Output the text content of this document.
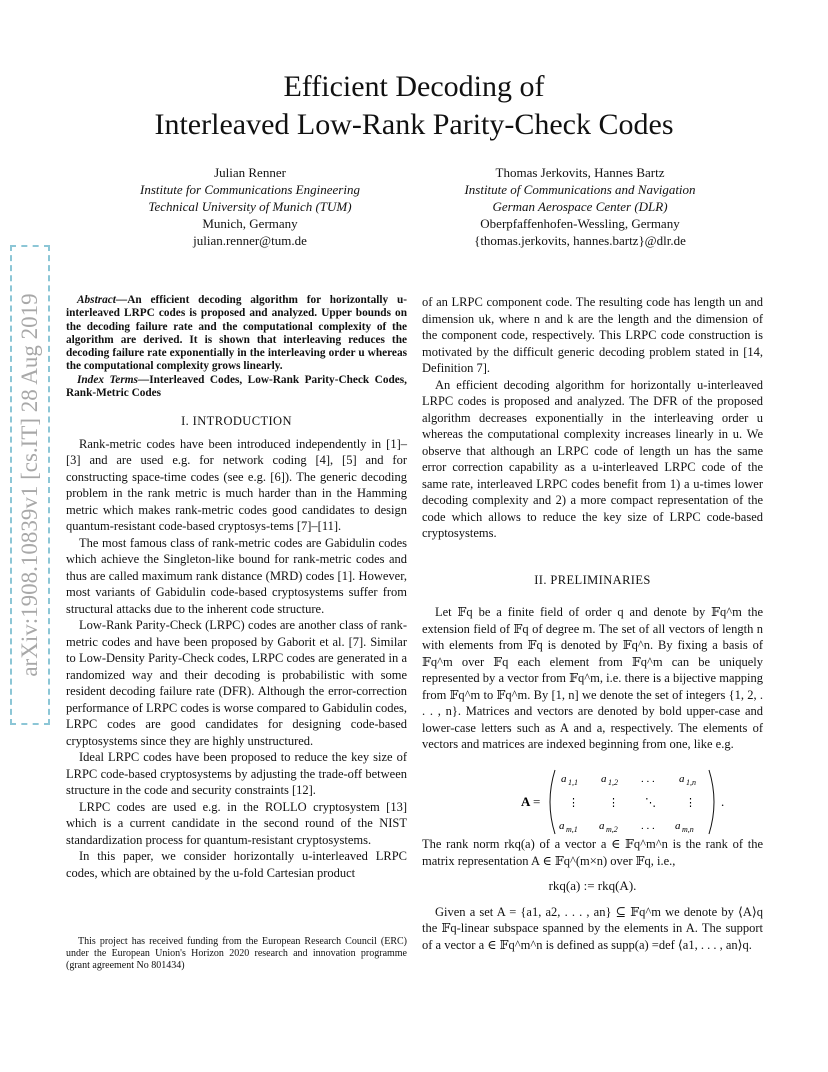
arXiv:1908.10839v1 [cs.IT] 28 Aug 2019
Efficient Decoding of
Interleaved Low-Rank Parity-Check Codes
Julian Renner
Institute for Communications Engineering
Technical University of Munich (TUM)
Munich, Germany
julian.renner@tum.de
Thomas Jerkovits, Hannes Bartz
Institute of Communications and Navigation
German Aerospace Center (DLR)
Oberpfaffenhofen-Wessling, Germany
{thomas.jerkovits, hannes.bartz}@dlr.de

Abstract—An efficient decoding algorithm for horizontally u-interleaved LRPC codes is proposed and analyzed. Upper bounds on the decoding failure rate and the computational complexity of the algorithm are derived. It is shown that interleaving reduces the decoding failure rate exponentially in the interleaving order u whereas the computational complexity grows linearly.

Index Terms—Interleaved Codes, Low-Rank Parity-Check Codes, Rank-Metric Codes

I. INTRODUCTION

Rank-metric codes have been introduced independently in [1]–[3] and are used e.g. for network coding [4], [5] and for constructing space-time codes (see e.g. [6]). The generic decoding problem in the rank metric is much harder than in the Hamming metric which makes rank-metric codes good candidates to design quantum-resistant code-based cryptosys-tems [7]–[11].

The most famous class of rank-metric codes are Gabidulin codes which achieve the Singleton-like bound for rank-metric codes and thus are called maximum rank distance (MRD) codes [1]. However, most variants of Gabidulin code-based cryptosystems suffer from structural attacks due to the inherent code structure.

Low-Rank Parity-Check (LRPC) codes are another class of rank-metric codes and have been proposed by Gaborit et al. [7]. Similar to Low-Density Parity-Check codes, LRPC codes are generated in a randomized way and their decoding is probabilistic with some resident decoding failure rate (DFR). Although the error-correction performance of LRPC codes is worse compared to Gabidulin codes, LRPC codes are good candidates for designing code-based cryptosystems since they are highly unstructured.

Ideal LRPC codes have been proposed to reduce the key size of LRPC code-based cryptosystems by adjusting the trade-off between structure in the code and security constraints [12].

LRPC codes are used e.g. in the ROLLO cryptosystem [13] which is a current candidate in the second round of the NIST standardization process for quantum-resistant cryptosystems.

In this paper, we consider horizontally u-interleaved LRPC codes, which are obtained by the u-fold Cartesian product

This project has received funding from the European Research Council (ERC) under the European Union's Horizon 2020 research and innovation programme (grant agreement No 801434)

of an LRPC component code. The resulting code has length un and dimension uk, where n and k are the length and the dimension of the component code, respectively. This LRPC code construction is motivated by the difficult generic decoding problem stated in [14, Definition 7].

An efficient decoding algorithm for horizontally u-interleaved LRPC codes is proposed and analyzed. The DFR of the proposed algorithm decreases exponentially in the interleaving order u whereas the computational complexity increases linearly in u. We observe that although an LRPC code of length un has the same error correction capability as a u-interleaved LRPC code of the same rate, interleaved LRPC codes benefit from 1) a u-times lower decoding complexity and 2) a more compact representation of the code which allows to reduce the key size of LRPC code-based cryptosystems.

II. PRELIMINARIES

Let 𝔽q be a finite field of order q and denote by 𝔽q^m the extension field of 𝔽q of degree m. The set of all vectors of length n with elements from 𝔽q is denoted by 𝔽q^n. By fixing a basis of 𝔽q^m over 𝔽q each element from 𝔽q^m can be uniquely represented by a vector from 𝔽q^m, i.e. there is a bijective mapping from 𝔽q^m to 𝔽q^m. By [1, n] we denote the set of integers {1, 2, . . . , n}. Matrices and vectors are denoted by bold upper-case and lower-case letters such as A and a, respectively. The elements of vectors and matrices are indexed beginning from one, like e.g.

A =
a 1,1 a 1,2 . . . a 1,n
⋮	⋮ ⋱	⋮
a m,1 a m,2 . . . a m,n
.

The rank norm rkq(a) of a vector a ∈ 𝔽q^m^n is the rank of the matrix representation A ∈ 𝔽q^(m×n) over 𝔽q, i.e.,

rkq(a) := rkq(A).

Given a set A = {a1, a2, . . . , an} ⊆ 𝔽q^m we denote by ⟨A⟩q the 𝔽q-linear subspace spanned by the elements in A. The support of a vector a ∈ 𝔽q^m^n is defined as supp(a) =def ⟨a1, . . . , an⟩q.
